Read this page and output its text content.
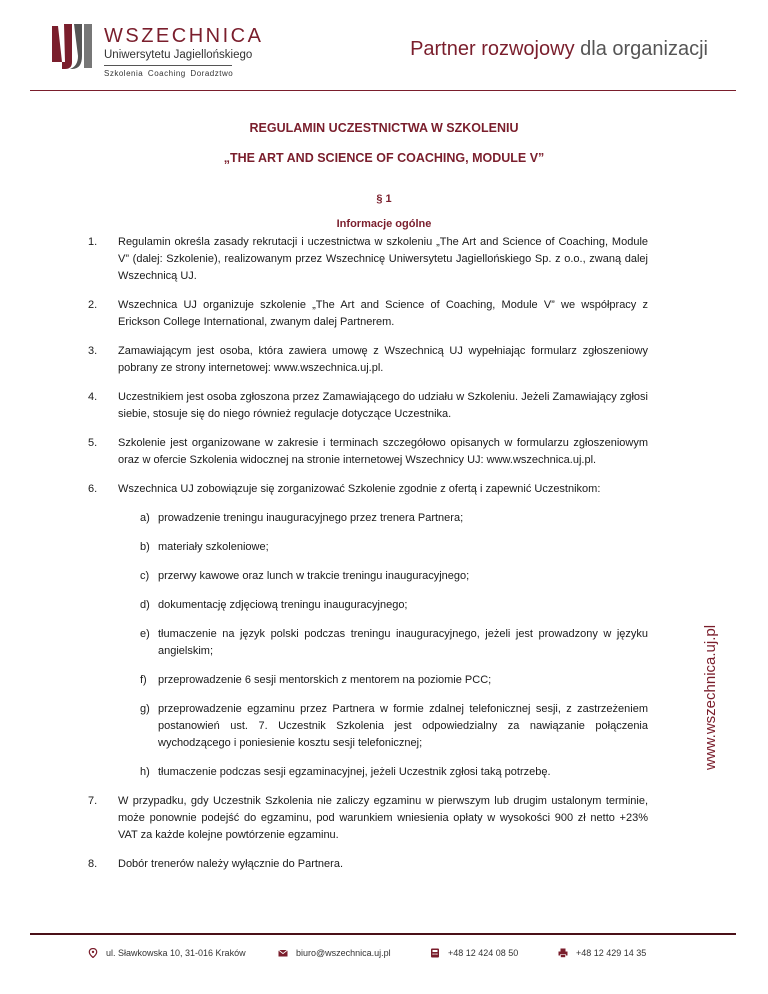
WSZECHNICA
Uniwersytetu Jagiellońskiego
Szkolenia Coaching Doradztwo
Partner rozwojowy dla organizacji
REGULAMIN UCZESTNICTWA W SZKOLENIU
„THE ART AND SCIENCE OF COACHING, MODULE V”
§ 1
Informacje ogólne
1. Regulamin określa zasady rekrutacji i uczestnictwa w szkoleniu „The Art and Science of Coaching, Module V” (dalej: Szkolenie), realizowanym przez Wszechnicę Uniwersytetu Jagiellońskiego Sp. z o.o., zwaną dalej Wszechnicą UJ.
2. Wszechnica UJ organizuje szkolenie „The Art and Science of Coaching, Module V” we współpracy z Erickson College International, zwanym dalej Partnerem.
3. Zamawiającym jest osoba, która zawiera umowę z Wszechnicą UJ wypełniając formularz zgłoszeniowy pobrany ze strony internetowej: www.wszechnica.uj.pl.
4. Uczestnikiem jest osoba zgłoszona przez Zamawiającego do udziału w Szkoleniu. Jeżeli Zamawiający zgłosi siebie, stosuje się do niego również regulacje dotyczące Uczestnika.
5. Szkolenie jest organizowane w zakresie i terminach szczegółowo opisanych w formularzu zgłoszeniowym oraz w ofercie Szkolenia widocznej na stronie internetowej Wszechnicy UJ: www.wszechnica.uj.pl.
6. Wszechnica UJ zobowiązuje się zorganizować Szkolenie zgodnie z ofertą i zapewnić Uczestnikom:
a) prowadzenie treningu inauguracyjnego przez trenera Partnera;
b) materiały szkoleniowe;
c) przerwy kawowe oraz lunch w trakcie treningu inauguracyjnego;
d) dokumentację zdjęciową treningu inauguracyjnego;
e) tłumaczenie na język polski podczas treningu inauguracyjnego, jeżeli jest prowadzony w języku angielskim;
f) przeprowadzenie 6 sesji mentorskich z mentorem na poziomie PCC;
g) przeprowadzenie egzaminu przez Partnera w formie zdalnej telefonicznej sesji, z zastrzeżeniem postanowień ust. 7. Uczestnik Szkolenia jest odpowiedzialny za nawiązanie połączenia wychodzącego i poniesienie kosztu sesji telefonicznej;
h) tłumaczenie podczas sesji egzaminacyjnej, jeżeli Uczestnik zgłosi taką potrzebę.
7. W przypadku, gdy Uczestnik Szkolenia nie zaliczy egzaminu w pierwszym lub drugim ustalonym terminie, może ponownie podejść do egzaminu, pod warunkiem wniesienia opłaty w wysokości 900 zł netto +23% VAT za każde kolejne powtórzenie egzaminu.
8. Dobór trenerów należy wyłącznie do Partnera.
www.wszechnica.uj.pl
ul. Sławkowska 10, 31-016 Kraków	biuro@wszechnica.uj.pl	+48 12 424 08 50	+48 12 429 14 35
